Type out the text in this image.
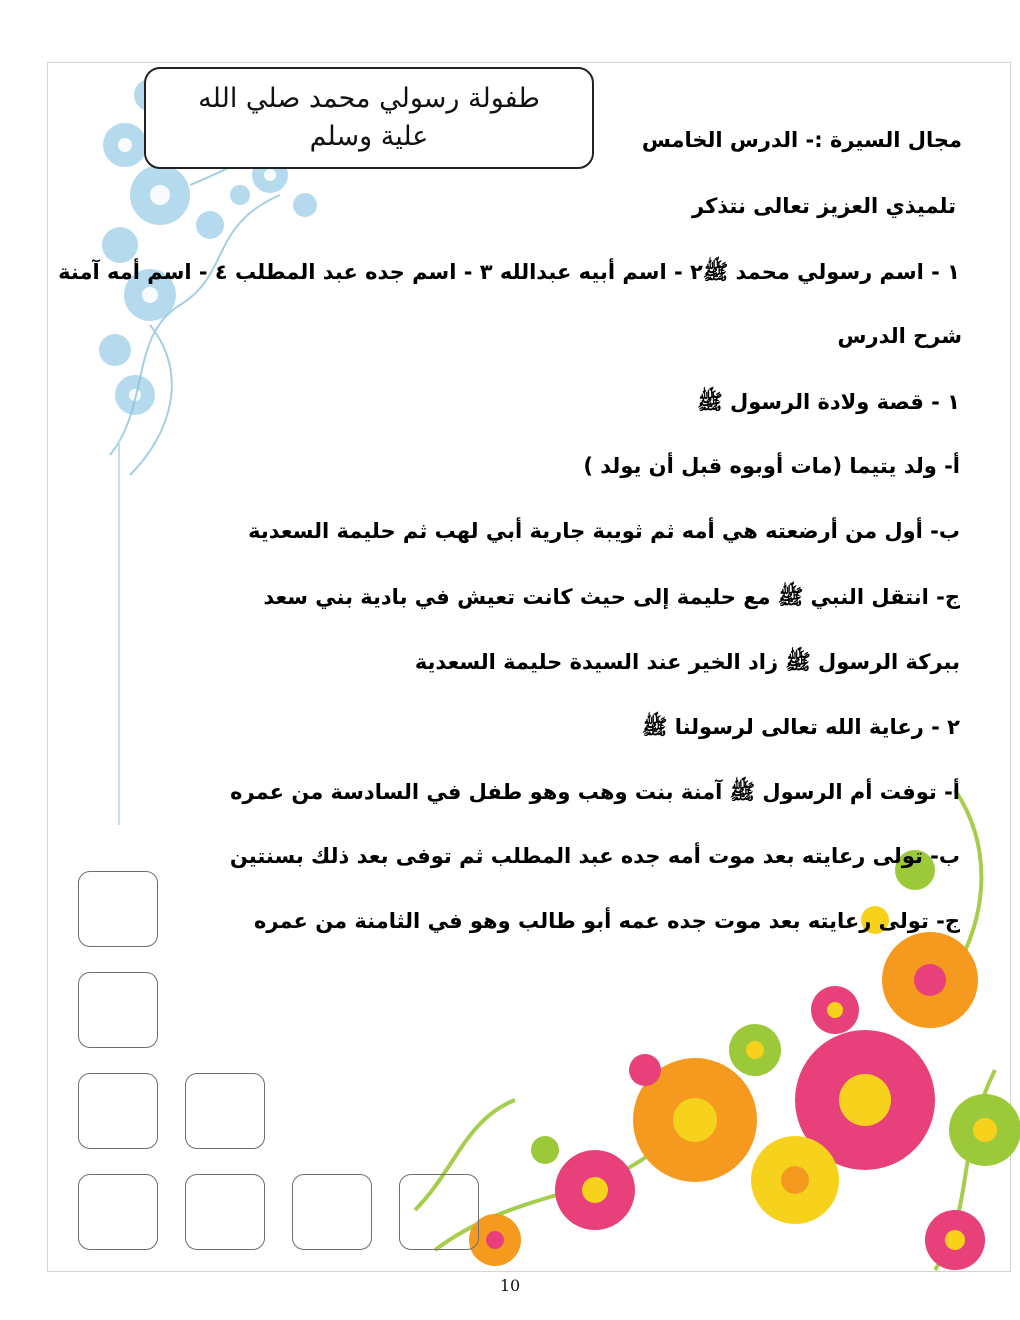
طفولة رسولي محمد صلي الله علية وسلم	مجال السيرة :- الدرس الخامس
تلميذي العزيز تعالى نتذكر
١ - اسم رسولي محمد ﷺ٢ - اسم أبيه عبدالله ٣ - اسم جده عبد المطلب ٤ - اسم أمه آمنة
شرح الدرس
١ - قصة ولادة الرسول ﷺ
أ- ولد يتيما (مات أوبوه قبل أن يولد )
ب- أول من أرضعته هي أمه ثم ثويبة جارية أبي لهب ثم حليمة السعدية
ج- انتقل النبي ﷺ مع حليمة إلى حيث كانت تعيش في بادية بني سعد
ببركة الرسول ﷺ زاد الخير عند السيدة حليمة السعدية
٢ - رعاية الله تعالى لرسولنا ﷺ
أ- توفت أم الرسول ﷺ آمنة بنت وهب وهو طفل في السادسة من عمره
ب- تولى رعايته بعد موت أمه جده عبد المطلب ثم توفى بعد ذلك بسنتين
ج- تولى رعايته بعد موت جده عمه أبو طالب وهو في الثامنة من عمره
10
